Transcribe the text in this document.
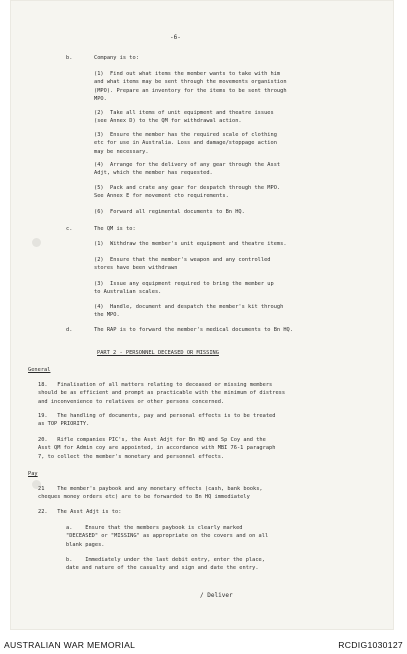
-6-
b.	Company is to:
(1)  Find out what items the member wants to take with him
and what items may be sent through the movements organistion
(MPO). Prepare an inventory for the items to be sent through
MPO.
(2)  Take all items of unit equipment and theatre issues
(see Annex D) to the QM for withdrawal action.
(3)  Ensure the member has the required scale of clothing
etc for use in Australia. Loss and damage/stoppage action
may be necessary.
(4)  Arrange for the delivery of any gear through the Asst
Adjt, which the member has requested.
(5)  Pack and crate any gear for despatch through the MPO.
See Annex E for movement cto requirements.
(6)  Forward all regimental documents to Bn HQ.
c.	The QM is to:
(1)  Withdraw the member's unit equipment and theatre items.
(2)  Ensure that the member's weapon and any controlled
stores have been withdrawn
(3)  Issue any equipment required to bring the member up
to Australian scales.
(4)  Handle, document and despatch the member's kit through
the MPO.
d.	The RAP is to forward the member's medical documents to Bn HQ.
PART 2 - PERSONNEL DECEASED OR MISSING
General
18.   Finalisation of all matters relating to deceased or missing members
should be as efficient and prompt as practicable with the minimum of distress
and inconvenience to relatives or other persons concerned.
19.   The handling of documents, pay and personal effects is to be treated
as TOP PRIORITY.
20.   Rifle companies PIC's, the Asst Adjt for Bn HQ and Sp Coy and the
Asst QM for Admin coy are appointed, in accordance with MBI 76-1 paragraph
7, to collect the member's monetary and personnel effects.
Pay
21    The member's paybook and any monetary effects (cash, bank books,
cheques money orders etc) are to be forwarded to Bn HQ immediately
22.   The Asst Adjt is to:
a.    Ensure that the members paybook is clearly marked
"DECEASED" or "MISSING" as appropriate on the covers and on all
blank pages.
b.    Immediately under the last debit entry, enter the place,
date and nature of the casualty and sign and date the entry.
/ Deliver
AUSTRALIAN WAR MEMORIAL	RCDIG1030127
